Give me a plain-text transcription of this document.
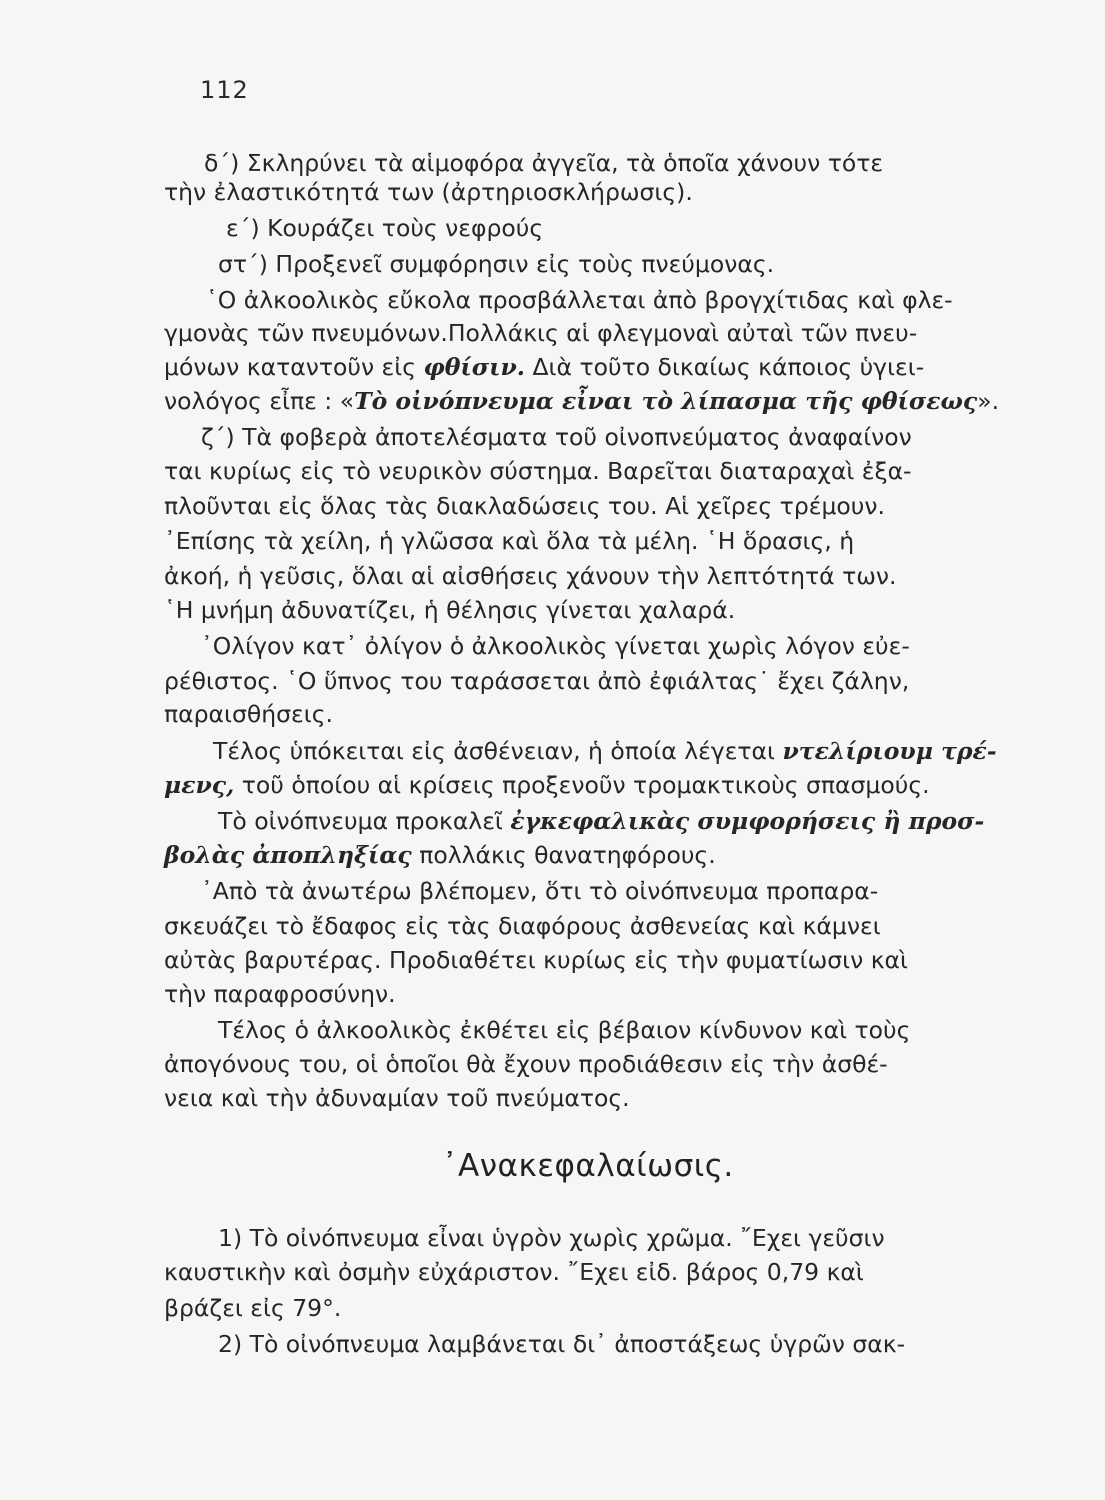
112
δ΄) Σκληρύνει τὰ αἱμοφόρα ἀγγεῖα, τὰ ὁποῖα χάνουν τότε
τὴν ἐλαστικότητά των (ἀρτηριοσκλήρωσις).
ε΄) Κουράζει τοὺς νεφρούς
στ΄) Προξενεῖ συμφόρησιν εἰς τοὺς πνεύμονας.
῾Ο ἀλκοολικὸς εὔκολα προσβάλλεται ἀπὸ βρογχίτιδας καὶ φλε-
γμονὰς τῶν πνευμόνων.Πολλάκις αἱ φλεγμοναὶ αὐταὶ τῶν πνευ-
μόνων καταντοῦν εἰς φθίσιν. Διὰ τοῦτο δικαίως κάποιος ὑγιει-
νολόγος εἶπε : «Τὸ οἰνόπνευμα εἶναι τὸ λίπασμα τῆς φθίσεως».
ζ΄) Τὰ φοβερὰ ἀποτελέσματα τοῦ οἰνοπνεύματος ἀναφαίνον
ται κυρίως εἰς τὸ νευρικὸν σύστημα. Βαρεῖται διαταραχαὶ ἐξα-
πλοῦνται εἰς ὅλας τὰς διακλαδώσεις του. Αἱ χεῖρες τρέμουν.
᾿Επίσης τὰ χείλη, ἡ γλῶσσα καὶ ὅλα τὰ μέλη. ῾Η ὅρασις, ἡ
ἀκοή, ἡ γεῦσις, ὅλαι αἱ αἰσθήσεις χάνουν τὴν λεπτότητά των.
῾Η μνήμη ἀδυνατίζει, ἡ θέλησις γίνεται χαλαρά.
᾿Ολίγον κατ᾿ ὀλίγον ὁ ἀλκοολικὸς γίνεται χωρὶς λόγον εὐε-
ρέθιστος. ῾Ο ὕπνος του ταράσσεται ἀπὸ ἐφιάλτας˙ ἔχει ζάλην,
παραισθήσεις.
Τέλος ὑπόκειται εἰς ἀσθένειαν, ἡ ὁποία λέγεται ντελίριουμ τρέ-
μενς, τοῦ ὁποίου αἱ κρίσεις προξενοῦν τρομακτικοὺς σπασμούς.
Τὸ οἰνόπνευμα προκαλεῖ ἐγκεφαλικὰς συμφορήσεις ἢ προσ-
βολὰς ἀποπληξίας πολλάκις θανατηφόρους.
᾿Απὸ τὰ ἀνωτέρω βλέπομεν, ὅτι τὸ οἰνόπνευμα προπαρα-
σκευάζει τὸ ἔδαφος εἰς τὰς διαφόρους ἀσθενείας καὶ κάμνει
αὐτὰς βαρυτέρας. Προδιαθέτει κυρίως εἰς τὴν φυματίωσιν καὶ
τὴν παραφροσύνην.
Τέλος ὁ ἀλκοολικὸς ἐκθέτει εἰς βέβαιον κίνδυνον καὶ τοὺς
ἀπογόνους του, οἱ ὁποῖοι θὰ ἔχουν προδιάθεσιν εἰς τὴν ἀσθέ-
νεια καὶ τὴν ἀδυναμίαν τοῦ πνεύματος.
᾿Ανακεφαλαίωσις.
1) Τὸ οἰνόπνευμα εἶναι ὑγρὸν χωρὶς χρῶμα. ῎Εχει γεῦσιν
καυστικὴν καὶ ὀσμὴν εὐχάριστον. ῎Εχει εἰδ. βάρος 0,79 καὶ
βράζει εἰς 79°.
2) Τὸ οἰνόπνευμα λαμβάνεται δι᾿ ἀποστάξεως ὑγρῶν σακ-
